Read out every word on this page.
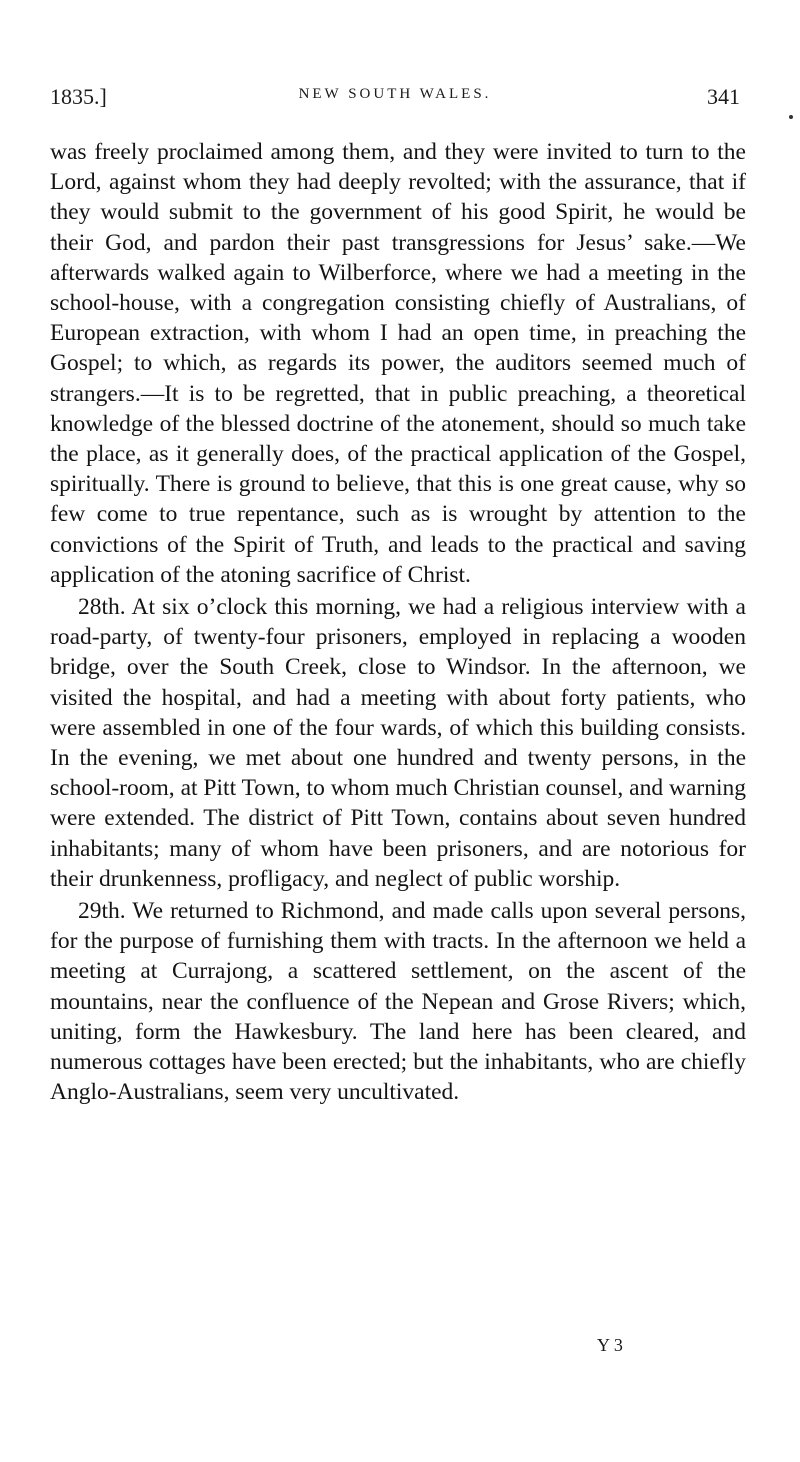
1835.]	NEW SOUTH WALES.	341

was freely proclaimed among them, and they were invited to turn to the Lord, against whom they had deeply revolted; with the assurance, that if they would submit to the government of his good Spirit, he would be their God, and pardon their past transgressions for Jesus’ sake.—We afterwards walked again to Wilberforce, where we had a meeting in the school-house, with a congregation consisting chiefly of Australians, of European extraction, with whom I had an open time, in preaching the Gospel; to which, as regards its power, the auditors seemed much of strangers.—It is to be regretted, that in public preaching, a theoretical knowledge of the blessed doctrine of the atonement, should so much take the place, as it generally does, of the practical application of the Gospel, spiritually. There is ground to believe, that this is one great cause, why so few come to true repentance, such as is wrought by attention to the convictions of the Spirit of Truth, and leads to the practical and saving application of the atoning sacrifice of Christ.

28th. At six o’clock this morning, we had a religious interview with a road-party, of twenty-four prisoners, employed in replacing a wooden bridge, over the South Creek, close to Windsor. In the afternoon, we visited the hospital, and had a meeting with about forty patients, who were assembled in one of the four wards, of which this building consists. In the evening, we met about one hundred and twenty persons, in the school-room, at Pitt Town, to whom much Christian counsel, and warning were extended. The district of Pitt Town, contains about seven hundred inhabitants; many of whom have been prisoners, and are notorious for their drunkenness, profligacy, and neglect of public worship.

29th. We returned to Richmond, and made calls upon several persons, for the purpose of furnishing them with tracts. In the afternoon we held a meeting at Currajong, a scattered settlement, on the ascent of the mountains, near the confluence of the Nepean and Grose Rivers; which, uniting, form the Hawkesbury. The land here has been cleared, and numerous cottages have been erected; but the inhabitants, who are chiefly Anglo-Australians, seem very uncultivated.

Y 3
